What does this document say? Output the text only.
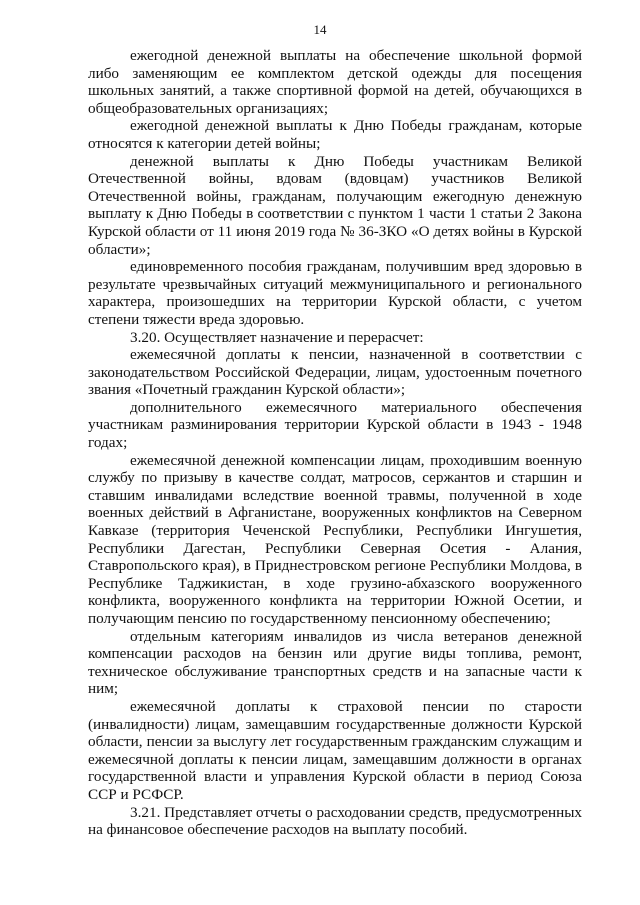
14

ежегодной денежной выплаты на обеспечение школьной формой либо заменяющим ее комплектом детской одежды для посещения школьных занятий, а также спортивной формой на детей, обучающихся в общеобразовательных организациях;

ежегодной денежной выплаты к Дню Победы гражданам, которые относятся к категории детей войны;

денежной выплаты к Дню Победы участникам Великой Отечественной войны, вдовам (вдовцам) участников Великой Отечественной войны, гражданам, получающим ежегодную денежную выплату к Дню Победы в соответствии с пунктом 1 части 1 статьи 2 Закона Курской области от 11 июня 2019 года № 36-ЗКО «О детях войны в Курской области»;

единовременного пособия гражданам, получившим вред здоровью в результате чрезвычайных ситуаций межмуниципального и регионального характера, произошедших на территории Курской области, с учетом степени тяжести вреда здоровью.

3.20. Осуществляет назначение и перерасчет:

ежемесячной доплаты к пенсии, назначенной в соответствии с законодательством Российской Федерации, лицам, удостоенным почетного звания «Почетный гражданин Курской области»;

дополнительного ежемесячного материального обеспечения участникам разминирования территории Курской области в 1943 - 1948 годах;

ежемесячной денежной компенсации лицам, проходившим военную службу по призыву в качестве солдат, матросов, сержантов и старшин и ставшим инвалидами вследствие военной травмы, полученной в ходе военных действий в Афганистане, вооруженных конфликтов на Северном Кавказе (территория Чеченской Республики, Республики Ингушетия, Республики Дагестан, Республики Северная Осетия - Алания, Ставропольского края), в Приднестровском регионе Республики Молдова, в Республике Таджикистан, в ходе грузино-абхазского вооруженного конфликта, вооруженного конфликта на территории Южной Осетии, и получающим пенсию по государственному пенсионному обеспечению;

отдельным категориям инвалидов из числа ветеранов денежной компенсации расходов на бензин или другие виды топлива, ремонт, техническое обслуживание транспортных средств и на запасные части к ним;

ежемесячной доплаты к страховой пенсии по старости (инвалидности) лицам, замещавшим государственные должности Курской области, пенсии за выслугу лет государственным гражданским служащим и ежемесячной доплаты к пенсии лицам, замещавшим должности в органах государственной власти и управления Курской области в период Союза ССР и РСФСР.

3.21. Представляет отчеты о расходовании средств, предусмотренных на финансовое обеспечение расходов на выплату пособий.
